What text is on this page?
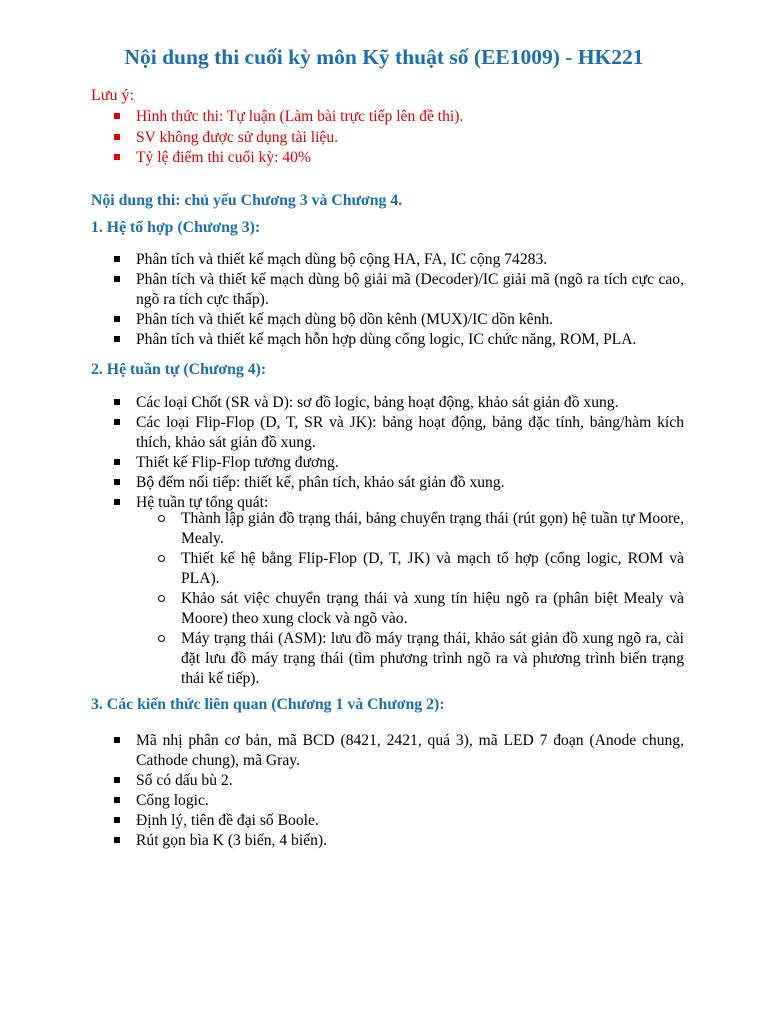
Nội dung thi cuối kỳ môn Kỹ thuật số (EE1009) - HK221
Lưu ý:
Hình thức thi: Tự luận (Làm bài trực tiếp lên đề thi).
SV không được sử dụng tài liệu.
Tỷ lệ điểm thi cuối kỳ: 40%
Nội dung thi: chủ yếu Chương 3 và Chương 4.
1. Hệ tổ hợp (Chương 3):
Phân tích và thiết kế mạch dùng bộ cộng HA, FA, IC cộng 74283.
Phân tích và thiết kế mạch dùng bộ giải mã (Decoder)/IC giải mã (ngõ ra tích cực cao, ngõ ra tích cực thấp).
Phân tích và thiết kế mạch dùng bộ dồn kênh (MUX)/IC dồn kênh.
Phân tích và thiết kế mạch hỗn hợp dùng cổng logic, IC chức năng, ROM, PLA.
2. Hệ tuần tự (Chương 4):
Các loại Chốt (SR và D): sơ đồ logic, bảng hoạt động, khảo sát giản đồ xung.
Các loại Flip-Flop (D, T, SR và JK): bảng hoạt động, bảng đặc tính, bảng/hàm kích thích, khảo sát giản đồ xung.
Thiết kế Flip-Flop tương đương.
Bộ đếm nối tiếp: thiết kế, phân tích, khảo sát giản đồ xung.
Hệ tuần tự tổng quát:
Thành lập giản đồ trạng thái, bảng chuyển trạng thái (rút gọn) hệ tuần tự Moore, Mealy.
Thiết kế hệ bằng Flip-Flop (D, T, JK) và mạch tổ hợp (cổng logic, ROM và PLA).
Khảo sát việc chuyển trạng thái và xung tín hiệu ngõ ra (phân biệt Mealy và Moore) theo xung clock và ngõ vào.
Máy trạng thái (ASM): lưu đồ máy trạng thái, khảo sát giản đồ xung ngõ ra, cài đặt lưu đồ máy trạng thái (tìm phương trình ngõ ra và phương trình biến trạng thái kế tiếp).
3. Các kiến thức liên quan (Chương 1 và Chương 2):
Mã nhị phân cơ bản, mã BCD (8421, 2421, quá 3), mã LED 7 đoạn (Anode chung, Cathode chung), mã Gray.
Số có dấu bù 2.
Cổng logic.
Định lý, tiên đề đại số Boole.
Rút gọn bìa K (3 biến, 4 biến).
